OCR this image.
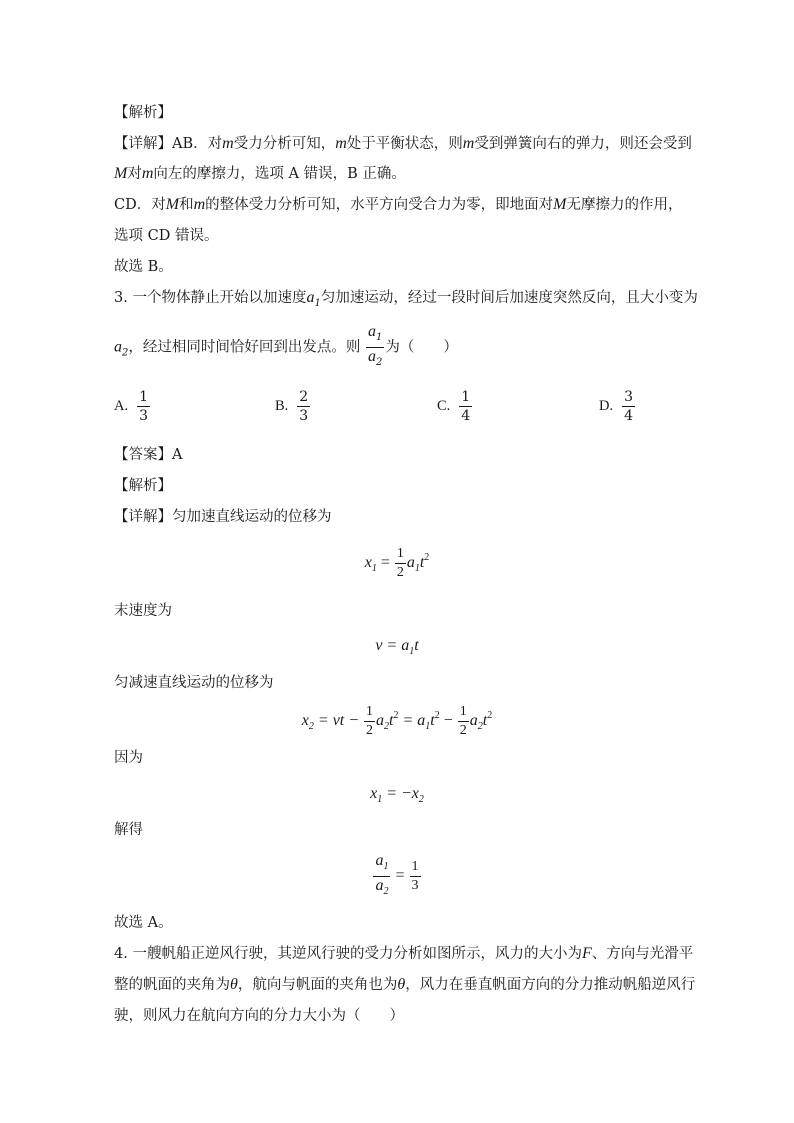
【解析】
【详解】AB．对m受力分析可知，m处于平衡状态，则m受到弹簧向右的弹力，则还会受到
M对m向左的摩擦力，选项 A 错误，B 正确。
CD．对M和m的整体受力分析可知，水平方向受合力为零，即地面对M无摩擦力的作用，
选项 CD 错误。
故选 B。
3. 一个物体静止开始以加速度$a_1$匀加速运动，经过一段时间后加速度突然反向，且大小变为
$a_2$，经过相同时间恰好回到出发点。则 $\frac{a_1}{a_2}$ 为（　　）
A. $\frac{1}{3}$	B. $\frac{2}{3}$	C. $\frac{1}{4}$	D. $\frac{3}{4}$
【答案】A
【解析】
【详解】匀加速直线运动的位移为
$x_1 = \frac{1}{2} a_1t^2$
末速度为
$v = a_1t$
匀减速直线运动的位移为
$x_2$ = vt − $\frac{1}{2} a_2t^2 = a_1t^2 - \frac{1}{2} a_2t^2$
因为
$x_1 = -x_2$
解得
$\frac{a_1}{a_2} = \frac{1}{3}$
故选 A。
4. 一艘帆船正逆风行驶，其逆风行驶的受力分析如图所示，风力的大小为F、方向与光滑平
整的帆面的夹角为θ，航向与帆面的夹角也为θ，风力在垂直帆面方向的分力推动帆船逆风行
驶，则风力在航向方向的分力大小为（　　）
